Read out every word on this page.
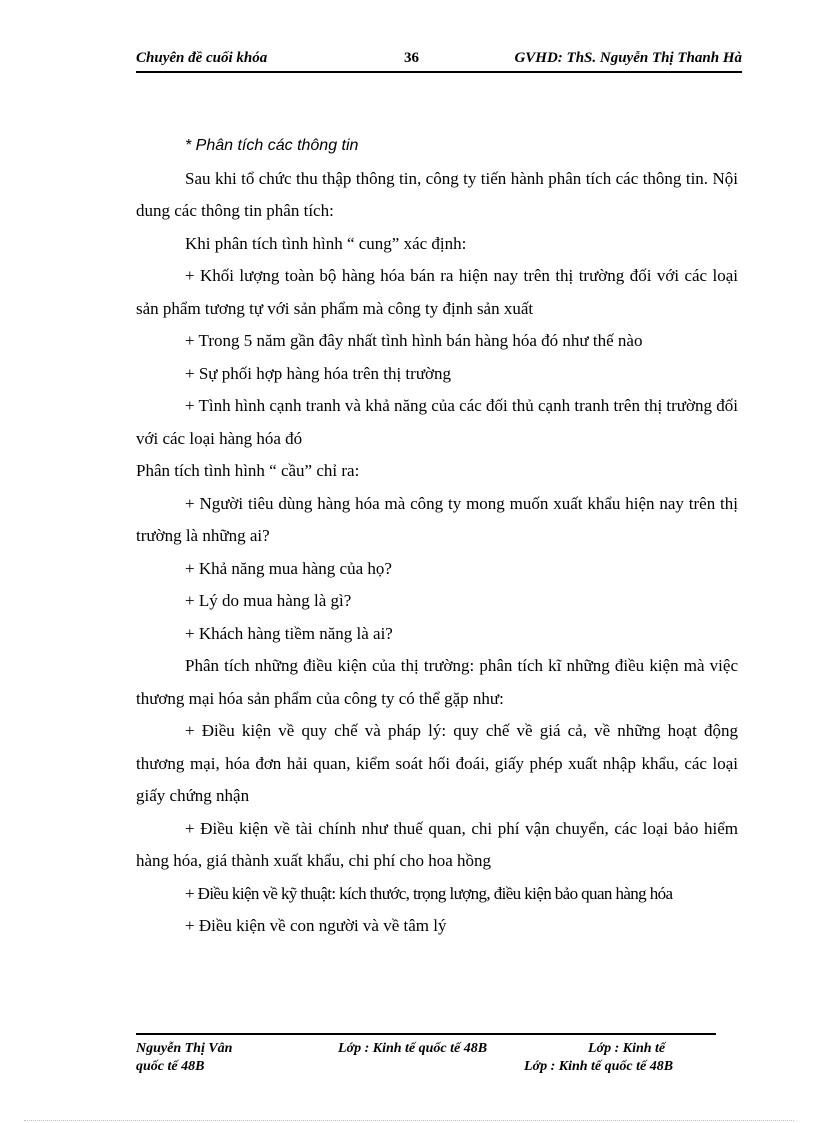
Chuyên đề cuối khóa	36	GVHD: ThS. Nguyễn Thị Thanh Hà

* Phân tích các thông tin

Sau khi tổ chức thu thập thông tin, công ty tiến hành phân tích các thông tin. Nội dung các thông tin phân tích:

Khi phân tích tình hình “ cung” xác định:

+ Khối lượng toàn bộ hàng hóa bán ra hiện nay trên thị trường đối với các loại sản phẩm tương tự với sản phẩm mà công ty định sản xuất

+ Trong 5 năm gần đây nhất tình hình bán hàng hóa đó như thế nào

+ Sự phối hợp hàng hóa trên thị trường

+ Tình hình cạnh tranh và khả năng của các đối thủ cạnh tranh trên thị trường đối với các loại hàng hóa đó

Phân tích tình hình “ cầu” chỉ ra:

+ Người tiêu dùng hàng hóa mà công ty mong muốn xuất khẩu hiện nay trên thị trường là những ai?

+ Khả năng mua hàng của họ?

+ Lý do mua hàng là gì?

+ Khách hàng tiềm năng là ai?

Phân tích những điều kiện của thị trường: phân tích kĩ những điều kiện mà việc thương mại hóa sản phẩm của công ty có thể gặp như:

+ Điều kiện về quy chế và pháp lý: quy chế về giá cả, về những hoạt động thương mại, hóa đơn hải quan, kiểm soát hối đoái, giấy phép xuất nhập khẩu, các loại giấy chứng nhận

+ Điều kiện về tài chính như thuế quan, chi phí vận chuyển, các loại bảo hiểm hàng hóa, giá thành xuất khẩu, chi phí cho hoa hồng

+ Điều kiện về kỹ thuật: kích thước, trọng lượng, điều kiện bảo quan hàng hóa

+ Điều kiện về con người và về tâm lý

Nguyễn Thị Vân	Lớp : Kinh tế quốc tế 48B	Lớp : Kinh tế
quốc tế 48B	Lớp : Kinh tế quốc tế 48B
